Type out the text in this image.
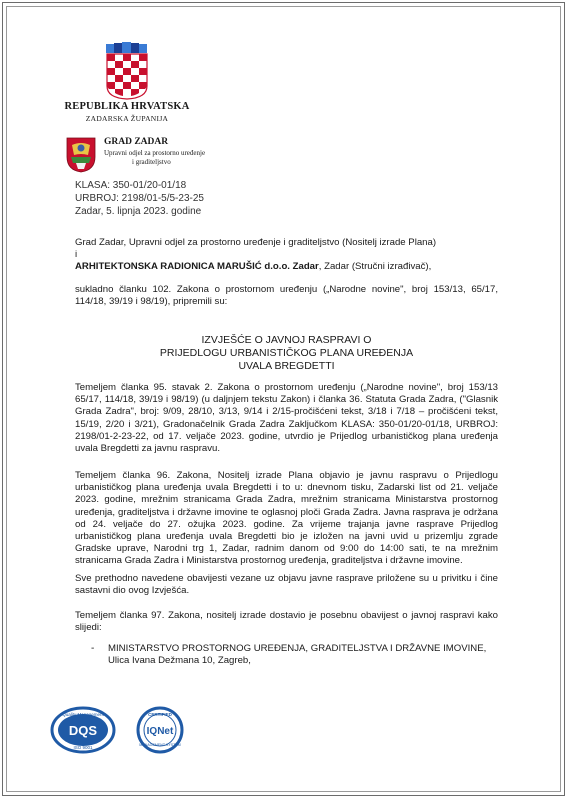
REPUBLIKA HRVATSKA
ZADARSKA ŽUPANIJA
GRAD ZADAR
Upravni odjel za prostorno uređenje
i graditeljstvo
KLASA: 350-01/20-01/18
URBROJ: 2198/01-5/5-23-25
Zadar, 5. lipnja 2023. godine
Grad Zadar, Upravni odjel za prostorno uređenje i graditeljstvo (Nositelj izrade Plana)
i
ARHITEKTONSKA RADIONICA MARUŠIĆ d.o.o. Zadar, Zadar (Stručni izrađivač),
sukladno članku 102. Zakona o prostornom uređenju („Narodne novine", broj 153/13, 65/17, 114/18, 39/19 i 98/19), pripremili su:
IZVJEŠĆE O JAVNOJ RASPRAVI O
PRIJEDLOGU URBANISTIČKOG PLANA UREĐENJA
UVALA BREGDETTI
Temeljem članka 95. stavak 2. Zakona o prostornom uređenju („Narodne novine", broj 153/13 65/17, 114/18, 39/19 i 98/19) (u daljnjem tekstu Zakon) i članka 36. Statuta Grada Zadra, ("Glasnik Grada Zadra", broj: 9/09, 28/10, 3/13, 9/14 i 2/15-pročišćeni tekst, 3/18 i 7/18 – pročišćeni tekst, 15/19, 2/20 i 3/21), Gradonačelnik Grada Zadra Zaključkom KLASA: 350-01/20-01/18, URBROJ: 2198/01-2-23-22, od 17. veljače 2023. godine, utvrdio je Prijedlog urbanističkog plana uređenja uvala Bregdetti za javnu raspravu.
Temeljem članka 96. Zakona, Nositelj izrade Plana objavio je javnu raspravu o Prijedlogu urbanističkog plana uređenja uvala Bregdetti i to u: dnevnom tisku, Zadarski list od 21. veljače 2023. godine, mrežnim stranicama Grada Zadra, mrežnim stranicama Ministarstva prostornog uređenja, graditeljstva i državne imovine te oglasnoj ploči Grada Zadra. Javna rasprava je održana od 24. veljače do 27. ožujka 2023. godine. Za vrijeme trajanja javne rasprave Prijedlog urbanističkog plana uređenja uvala Bregdetti bio je izložen na javni uvid u prizemlju zgrade Gradske uprave, Narodni trg 1, Zadar, radnim danom od 9:00 do 14:00 sati, te na mrežnim stranicama Grada Zadra i Ministarstva prostornog uređenja, graditeljstva i državne imovine.
Sve prethodno navedene obavijesti vezane uz objavu javne rasprave priložene su u privitku i čine sastavni dio ovog Izvješća.
Temeljem članka 97. Zakona, nositelj izrade dostavio je posebnu obavijest o javnoj raspravi kako slijedi:
- MINISTARSTVO PROSTORNOG UREĐENJA, GRADITELJSTVA I DRŽAVNE IMOVINE,
Ulica Ivana Dežmana 10, Zagreb,
Quality Management
DQS
ISO 9001
CERTIFIED
IQNet
MANAGEMENT SYSTEM
